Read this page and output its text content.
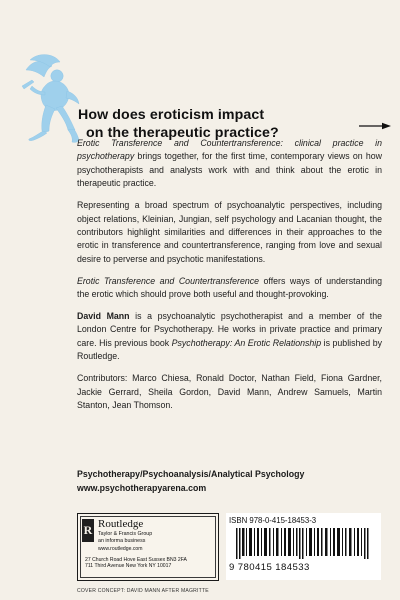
How does eroticism impact
on the therapeutic practice?

Erotic Transference and Countertransference: clinical practice in psychotherapy brings together, for the first time, contemporary views on how psychotherapists and analysts work with and think about the erotic in therapeutic practice.

Representing a broad spectrum of psychoanalytic perspectives, including object relations, Kleinian, Jungian, self psychology and Lacanian thought, the contributors highlight similarities and differences in their approaches to the erotic in transference and countertransference, ranging from love and sexual desire to perverse and psychotic manifestations.

Erotic Transference and Countertransference offers ways of understanding the erotic which should prove both useful and thought-provoking.

David Mann is a psychoanalytic psychotherapist and a member of the London Centre for Psychotherapy. He works in private practice and primary care. His previous book Psychotherapy: An Erotic Relationship is published by Routledge.

Contributors: Marco Chiesa, Ronald Doctor, Nathan Field, Fiona Gardner, Jackie Gerrard, Sheila Gordon, David Mann, Andrew Samuels, Martin Stanton, Jean Thomson.

Psychotherapy/Psychoanalysis/Analytical Psychology
www.psychotherapyarena.com
R Routledge
Taylor & Francis Group
an informa business
www.routledge.com
27 Church Road Hove East Sussex BN3 2FA
711 Third Avenue New York NY 10017
ISBN 978-0-415-18453-3
9 780415 184533
COVER CONCEPT: DAVID MANN AFTER MAGRITTE
